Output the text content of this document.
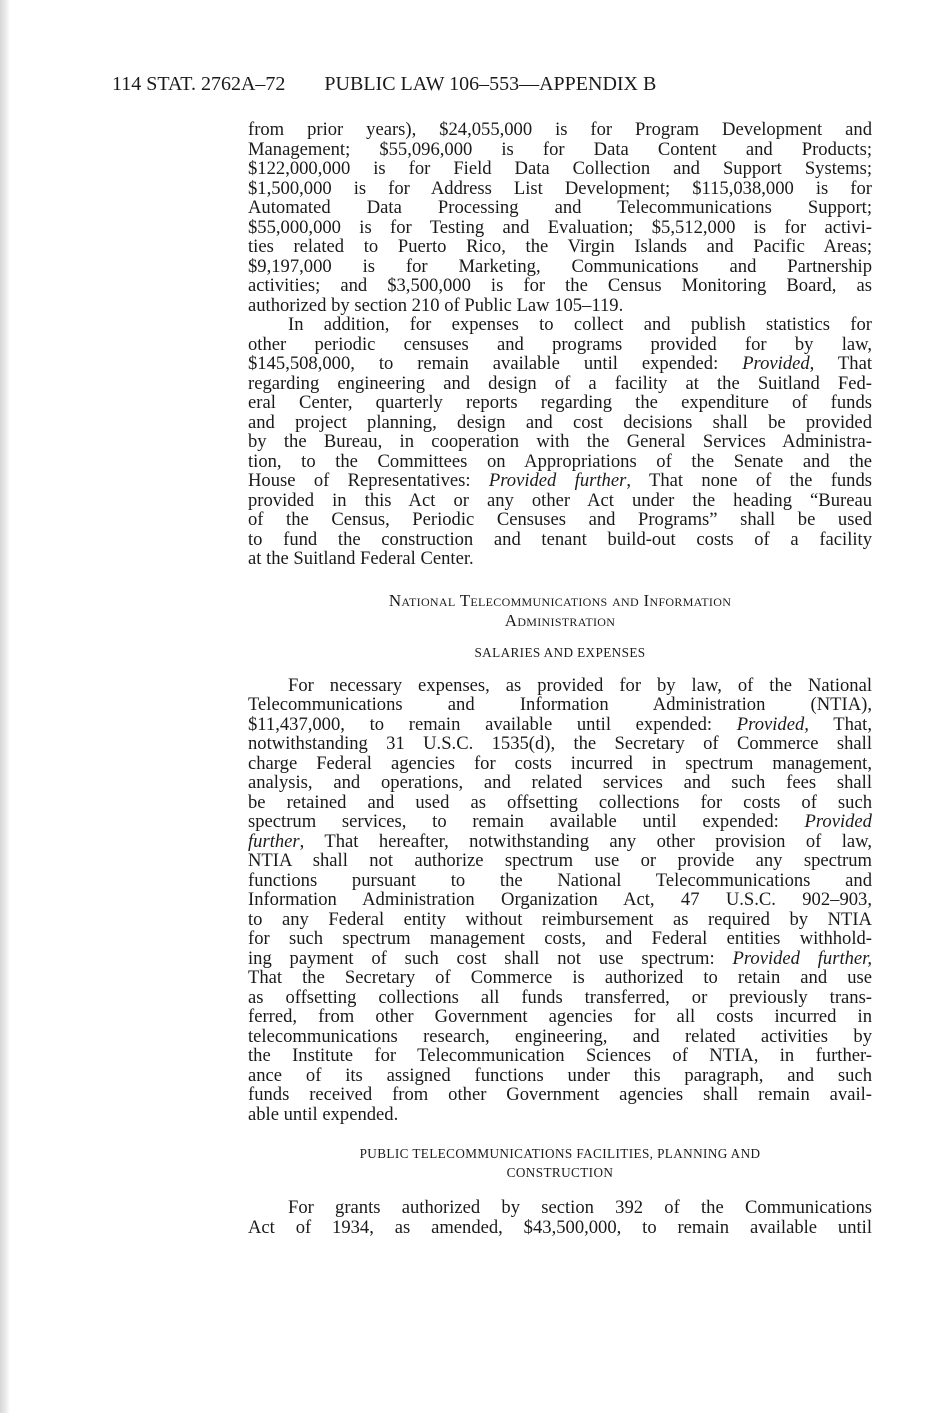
114 STAT. 2762A–72 PUBLIC LAW 106–553—APPENDIX B
from prior years), $24,055,000 is for Program Development and
Management; $55,096,000 is for Data Content and Products;
$122,000,000 is for Field Data Collection and Support Systems;
$1,500,000 is for Address List Development; $115,038,000 is for
Automated Data Processing and Telecommunications Support;
$55,000,000 is for Testing and Evaluation; $5,512,000 is for activi-
ties related to Puerto Rico, the Virgin Islands and Pacific Areas;
$9,197,000 is for Marketing, Communications and Partnership
activities; and $3,500,000 is for the Census Monitoring Board, as
authorized by section 210 of Public Law 105–119.
In addition, for expenses to collect and publish statistics for
other periodic censuses and programs provided for by law,
$145,508,000, to remain available until expended: Provided, That
regarding engineering and design of a facility at the Suitland Fed-
eral Center, quarterly reports regarding the expenditure of funds
and project planning, design and cost decisions shall be provided
by the Bureau, in cooperation with the General Services Administra-
tion, to the Committees on Appropriations of the Senate and the
House of Representatives: Provided further, That none of the funds
provided in this Act or any other Act under the heading “Bureau
of the Census, Periodic Censuses and Programs” shall be used
to fund the construction and tenant build-out costs of a facility
at the Suitland Federal Center.

National Telecommunications and Information
Administration

SALARIES AND EXPENSES

For necessary expenses, as provided for by law, of the National
Telecommunications and Information Administration (NTIA),
$11,437,000, to remain available until expended: Provided, That,
notwithstanding 31 U.S.C. 1535(d), the Secretary of Commerce shall
charge Federal agencies for costs incurred in spectrum management,
analysis, and operations, and related services and such fees shall
be retained and used as offsetting collections for costs of such
spectrum services, to remain available until expended: Provided
further, That hereafter, notwithstanding any other provision of law,
NTIA shall not authorize spectrum use or provide any spectrum
functions pursuant to the National Telecommunications and
Information Administration Organization Act, 47 U.S.C. 902–903,
to any Federal entity without reimbursement as required by NTIA
for such spectrum management costs, and Federal entities withhold-
ing payment of such cost shall not use spectrum: Provided further,
That the Secretary of Commerce is authorized to retain and use
as offsetting collections all funds transferred, or previously trans-
ferred, from other Government agencies for all costs incurred in
telecommunications research, engineering, and related activities by
the Institute for Telecommunication Sciences of NTIA, in further-
ance of its assigned functions under this paragraph, and such
funds received from other Government agencies shall remain avail-
able until expended.

PUBLIC TELECOMMUNICATIONS FACILITIES, PLANNING AND
CONSTRUCTION

For grants authorized by section 392 of the Communications
Act of 1934, as amended, $43,500,000, to remain available until
